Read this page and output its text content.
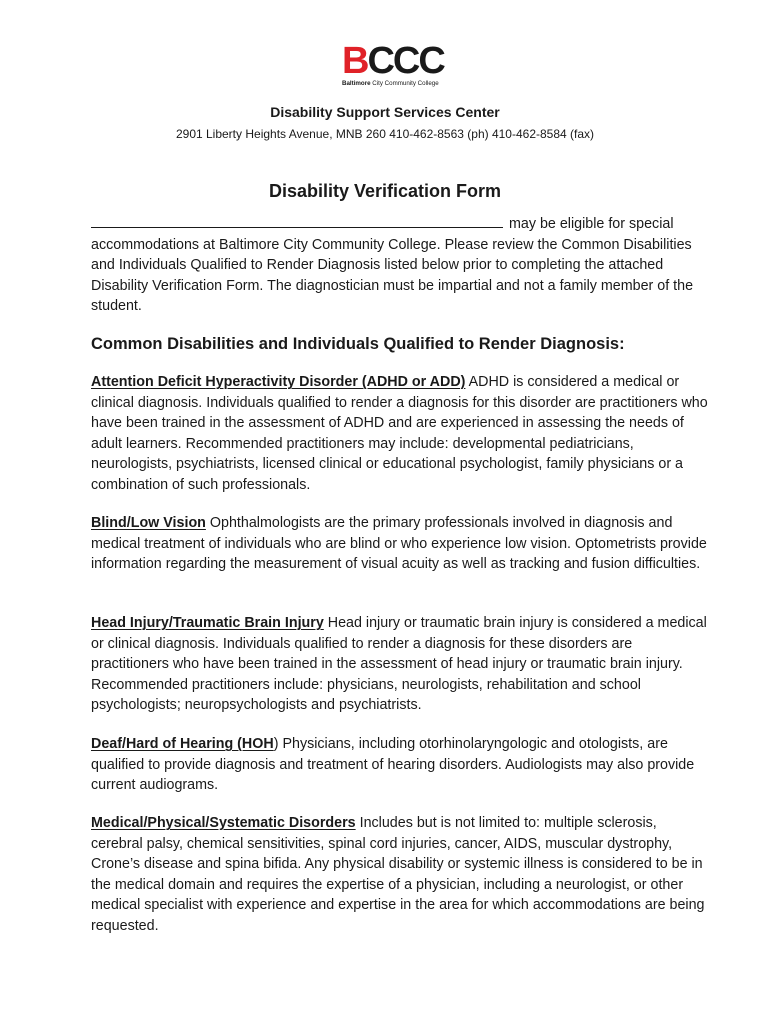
B CCC
Baltimore City Community College
Disability Support Services Center
2901 Liberty Heights Avenue, MNB 260 410-462-8563 (ph) 410-462-8584 (fax)
Disability Verification Form
may be eligible for special accommodations at Baltimore City Community College. Please review the Common Disabilities and Individuals Qualified to Render Diagnosis listed below prior to completing the attached Disability Verification Form. The diagnostician must be impartial and not a family member of the student.
Common Disabilities and Individuals Qualified to Render Diagnosis:
Attention Deficit Hyperactivity Disorder (ADHD or ADD) ADHD is considered a medical or clinical diagnosis. Individuals qualified to render a diagnosis for this disorder are practitioners who have been trained in the assessment of ADHD and are experienced in assessing the needs of adult learners. Recommended practitioners may include: developmental pediatricians, neurologists, psychiatrists, licensed clinical or educational psychologist, family physicians or a combination of such professionals.
Blind/Low Vision Ophthalmologists are the primary professionals involved in diagnosis and medical treatment of individuals who are blind or who experience low vision. Optometrists provide information regarding the measurement of visual acuity as well as tracking and fusion difficulties.
Head Injury/Traumatic Brain Injury Head injury or traumatic brain injury is considered a medical or clinical diagnosis. Individuals qualified to render a diagnosis for these disorders are practitioners who have been trained in the assessment of head injury or traumatic brain injury. Recommended practitioners include: physicians, neurologists, rehabilitation and school psychologists; neuropsychologists and psychiatrists.
Deaf/Hard of Hearing (HOH) Physicians, including otorhinolaryngologic and otologists, are qualified to provide diagnosis and treatment of hearing disorders. Audiologists may also provide current audiograms.
Medical/Physical/Systematic Disorders Includes but is not limited to: multiple sclerosis, cerebral palsy, chemical sensitivities, spinal cord injuries, cancer, AIDS, muscular dystrophy, Crone’s disease and spina bifida. Any physical disability or systemic illness is considered to be in the medical domain and requires the expertise of a physician, including a neurologist, or other medical specialist with experience and expertise in the area for which accommodations are being requested.
